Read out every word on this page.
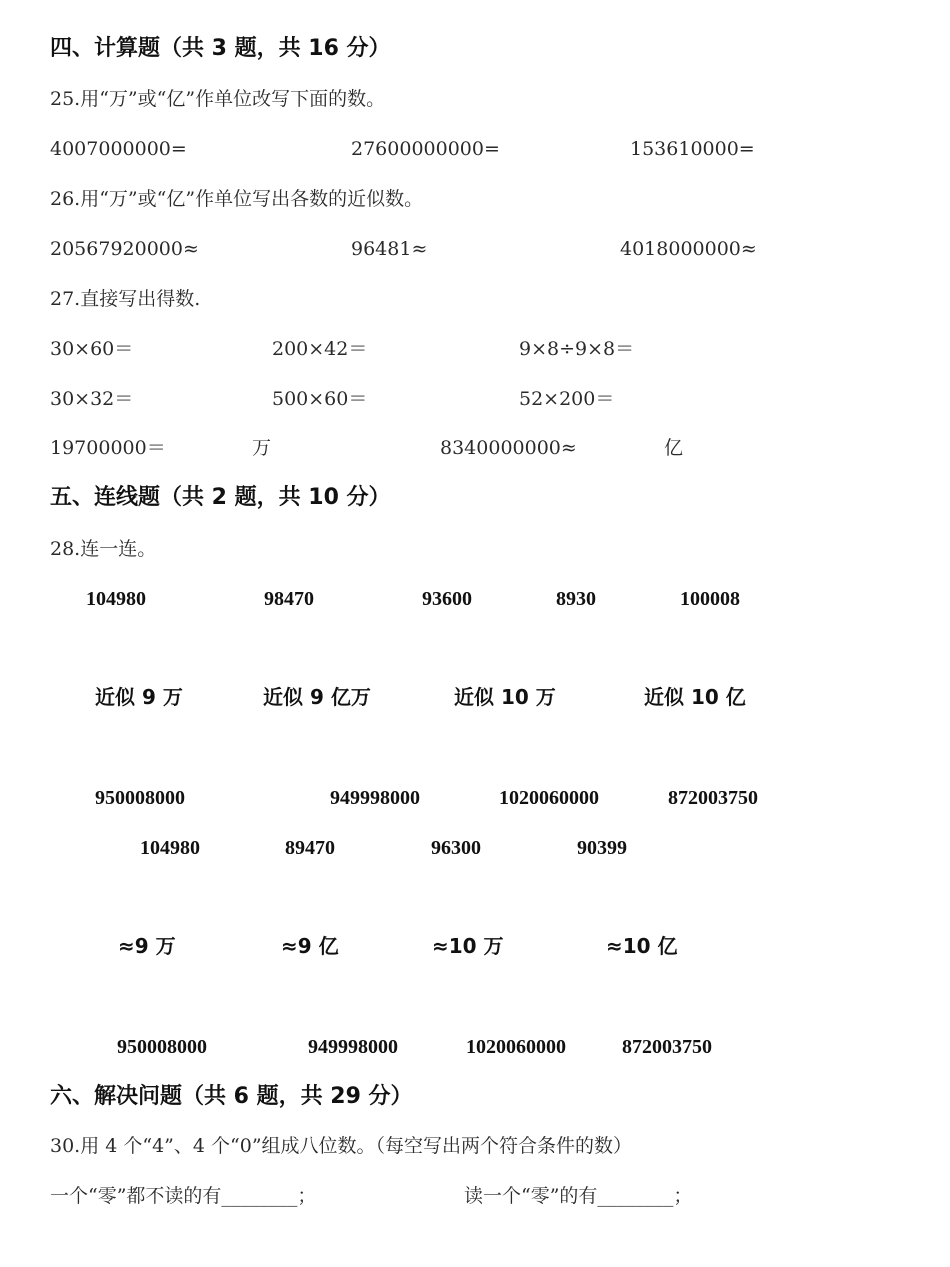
四、计算题（共 3 题，共 16 分）
25.用“万”或“亿”作单位改写下面的数。
4007000000=	27600000000=	153610000=
26.用“万”或“亿”作单位写出各数的近似数。
20567920000≈	96481≈	4018000000≈
27.直接写出得数.
30×60＝	200×42＝	9×8÷9×8＝
30×32＝	500×60＝	52×200＝
19700000＝	万	8340000000≈	亿
五、连线题（共 2 题，共 10 分）
28.连一连。
104980	98470	93600	8930	100008
近似 9 万	近似 9 亿万	近似 10 万	近似 10 亿
950008000	949998000	1020060000	872003750
104980	89470	96300	90399
≈9 万	≈9 亿	≈10 万	≈10 亿
950008000	949998000	1020060000	872003750
六、解决问题（共 6 题，共 29 分）
30.用 4 个“4”、4 个“0”组成八位数。（每空写出两个符合条件的数）
一个“零”都不读的有________；	读一个“零”的有________；
